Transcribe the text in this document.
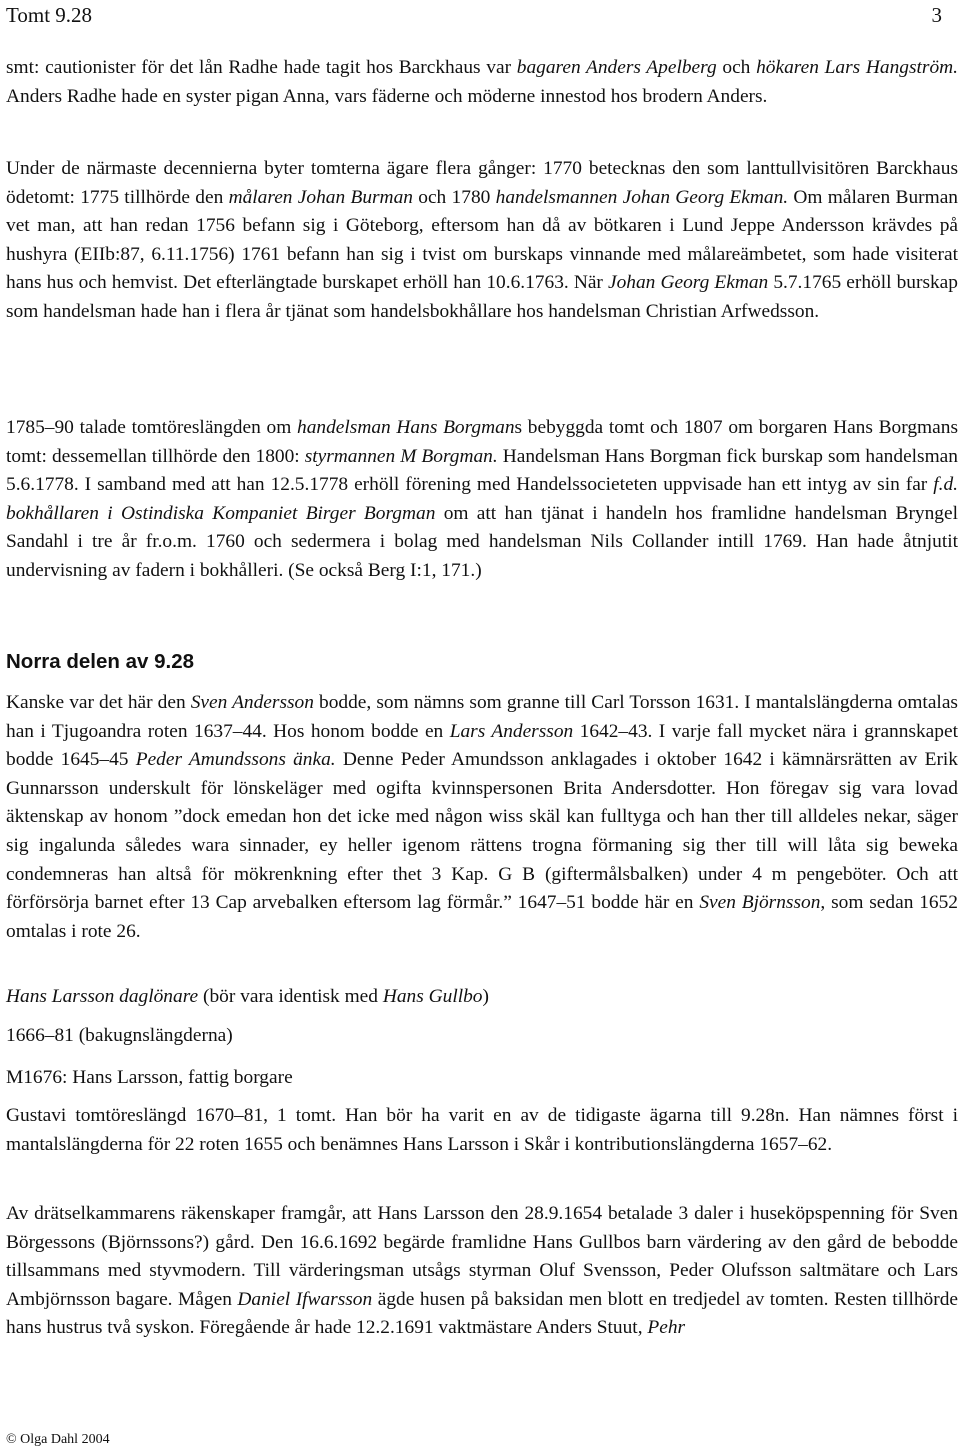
Tomt 9.28	3

smt: cautionister för det lån Radhe hade tagit hos Barckhaus var bagaren Anders Apelberg och hökaren Lars Hangström. Anders Radhe hade en syster pigan Anna, vars fäderne och möderne innestod hos brodern Anders.

Under de närmaste decennierna byter tomterna ägare flera gånger: 1770 betecknas den som lanttullvisitören Barckhaus ödetomt: 1775 tillhörde den målaren Johan Burman och 1780 handelsmannen Johan Georg Ekman. Om målaren Burman vet man, att han redan 1756 befann sig i Göteborg, eftersom han då av bötkaren i Lund Jeppe Andersson krävdes på hushyra (EIIb:87, 6.11.1756) 1761 befann han sig i tvist om burskaps vinnande med målareämbetet, som hade visiterat hans hus och hemvist. Det efterlängtade burskapet erhöll han 10.6.1763. När Johan Georg Ekman 5.7.1765 erhöll burskap som handelsman hade han i flera år tjänat som handelsbokhållare hos handelsman Christian Arfwedsson.

1785–90 talade tomtöreslängden om handelsman Hans Borgmans bebyggda tomt och 1807 om borgaren Hans Borgmans tomt: dessemellan tillhörde den 1800: styrmannen M Borgman. Handelsman Hans Borgman fick burskap som handelsman 5.6.1778. I samband med att han 12.5.1778 erhöll förening med Handelssocieteten uppvisade han ett intyg av sin far f.d. bokhållaren i Ostindiska Kompaniet Birger Borgman om att han tjänat i handeln hos framlidne handelsman Bryngel Sandahl i tre år fr.o.m. 1760 och sedermera i bolag med handelsman Nils Collander intill 1769. Han hade åtnjutit undervisning av fadern i bokhålleri. (Se också Berg I:1, 171.)

Norra delen av 9.28

Kanske var det här den Sven Andersson bodde, som nämns som granne till Carl Torsson 1631. I mantalslängderna omtalas han i Tjugoandra roten 1637–44. Hos honom bodde en Lars Andersson 1642–43. I varje fall mycket nära i grannskapet bodde 1645–45 Peder Amundssons änka. Denne Peder Amundsson anklagades i oktober 1642 i kämnärsrätten av Erik Gunnarsson underskult för lönskeläger med ogifta kvinnspersonen Brita Andersdotter. Hon föregav sig vara lovad äktenskap av honom ”dock emedan hon det icke med någon wiss skäl kan fulltyga och han ther till alldeles nekar, säger sig ingalunda således wara sinnader, ey heller igenom rättens trogna förmaning sig ther till will låta sig beweka condemneras han altså för mökrenkning efter thet 3 Kap. G B (giftermålsbalken) under 4 m pengeböter. Och att förförsörja barnet efter 13 Cap arvebalken eftersom lag förmår.” 1647–51 bodde här en Sven Björnsson, som sedan 1652 omtalas i rote 26.

Hans Larsson daglönare (bör vara identisk med Hans Gullbo)

1666–81 (bakugnslängderna)

M1676: Hans Larsson, fattig borgare

Gustavi tomtöreslängd 1670–81, 1 tomt. Han bör ha varit en av de tidigaste ägarna till 9.28n. Han nämnes först i mantalslängderna för 22 roten 1655 och benämnes Hans Larsson i Skår i kontributionslängderna 1657–62.

Av drätselkammarens räkenskaper framgår, att Hans Larsson den 28.9.1654 betalade 3 daler i huseköpspenning för Sven Börgessons (Björnssons?) gård. Den 16.6.1692 begärde framlidne Hans Gullbos barn värdering av den gård de bebodde tillsammans med styvmodern. Till värderingsman utsågs styrman Oluf Svensson, Peder Olufsson saltmätare och Lars Ambjörnsson bagare. Mågen Daniel Ifwarsson ägde husen på baksidan men blott en tredjedel av tomten. Resten tillhörde hans hustrus två syskon. Föregående år hade 12.2.1691 vaktmästare Anders Stuut, Pehr

© Olga Dahl 2004
